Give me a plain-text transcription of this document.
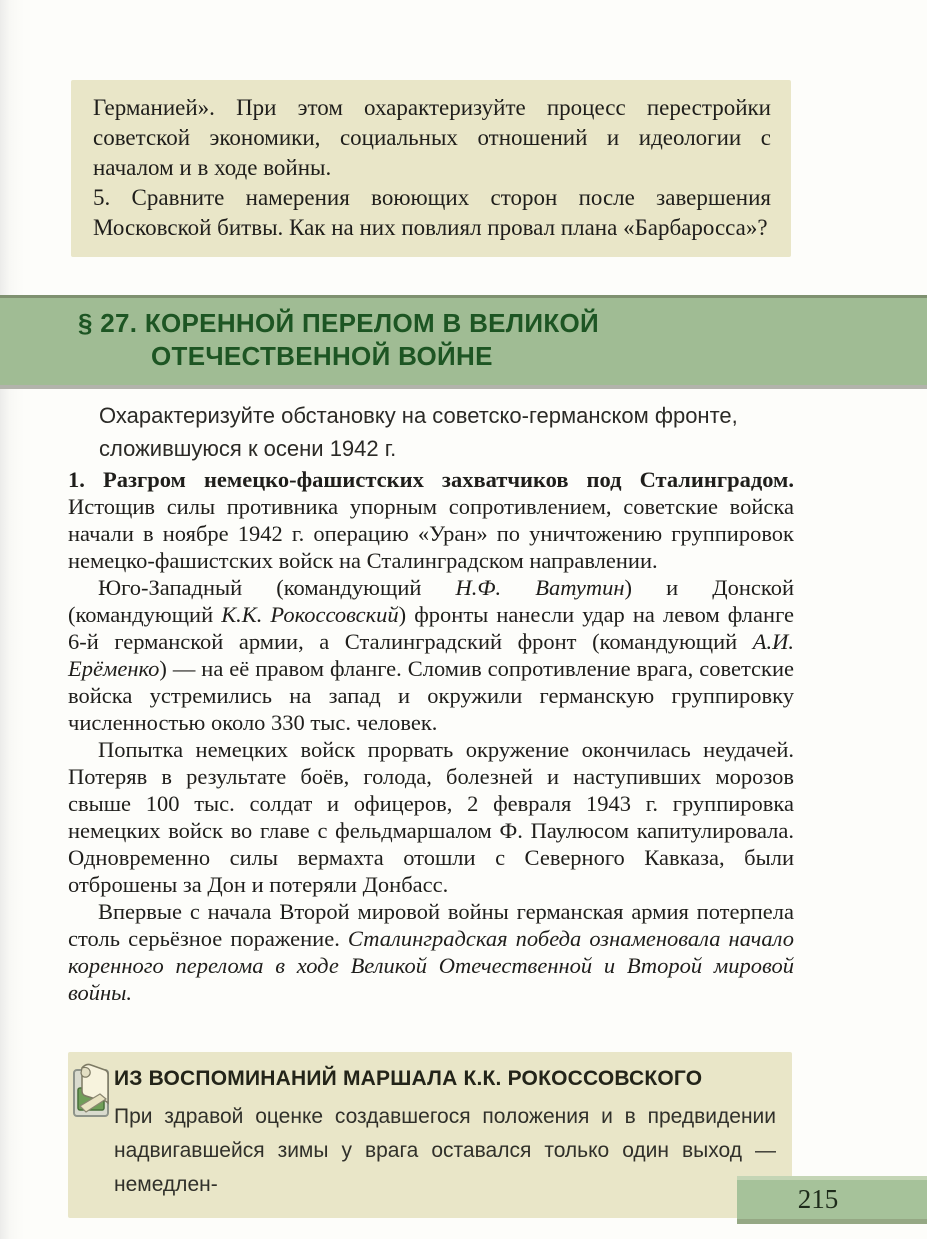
Германией». При этом охарактеризуйте процесс перестройки советской экономики, социальных отношений и идеологии с началом и в ходе войны.

5. Сравните намерения воюющих сторон после завершения Московской битвы. Как на них повлиял провал плана «Барбаросса»?

§ 27. КОРЕННОЙ ПЕРЕЛОМ В ВЕЛИКОЙ
ОТЕЧЕСТВЕННОЙ ВОЙНЕ
Охарактеризуйте обстановку на советско-германском фронте, сложившуюся к осени 1942 г.

1. Разгром немецко-фашистских захватчиков под Сталинградом. Истощив силы противника упорным сопротивлением, советские войска начали в ноябре 1942 г. операцию «Уран» по уничтожению группировок немецко-фашистских войск на Сталинградском направлении.

Юго-Западный (командующий Н.Ф. Ватутин) и Донской (командующий К.К. Рокоссовский) фронты нанесли удар на левом фланге 6-й германской армии, а Сталинградский фронт (командующий А.И. Ерёменко) — на её правом фланге. Сломив сопротивление врага, советские войска устремились на запад и окружили германскую группировку численностью около 330 тыс. человек.

Попытка немецких войск прорвать окружение окончилась неудачей. Потеряв в результате боёв, голода, болезней и наступивших морозов свыше 100 тыс. солдат и офицеров, 2 февраля 1943 г. группировка немецких войск во главе с фельдмаршалом Ф. Паулюсом капитулировала. Одновременно силы вермахта отошли с Северного Кавказа, были отброшены за Дон и потеряли Донбасс.

Впервые с начала Второй мировой войны германская армия потерпела столь серьёзное поражение. Сталинградская победа ознаменовала начало коренного перелома в ходе Великой Отечественной и Второй мировой войны.

ИЗ ВОСПОМИНАНИЙ МАРШАЛА К.К. РОКОССОВСКОГО
При здравой оценке создавшегося положения и в предвидении надвигавшейся зимы у врага оставался только один выход — немедлен-	215
